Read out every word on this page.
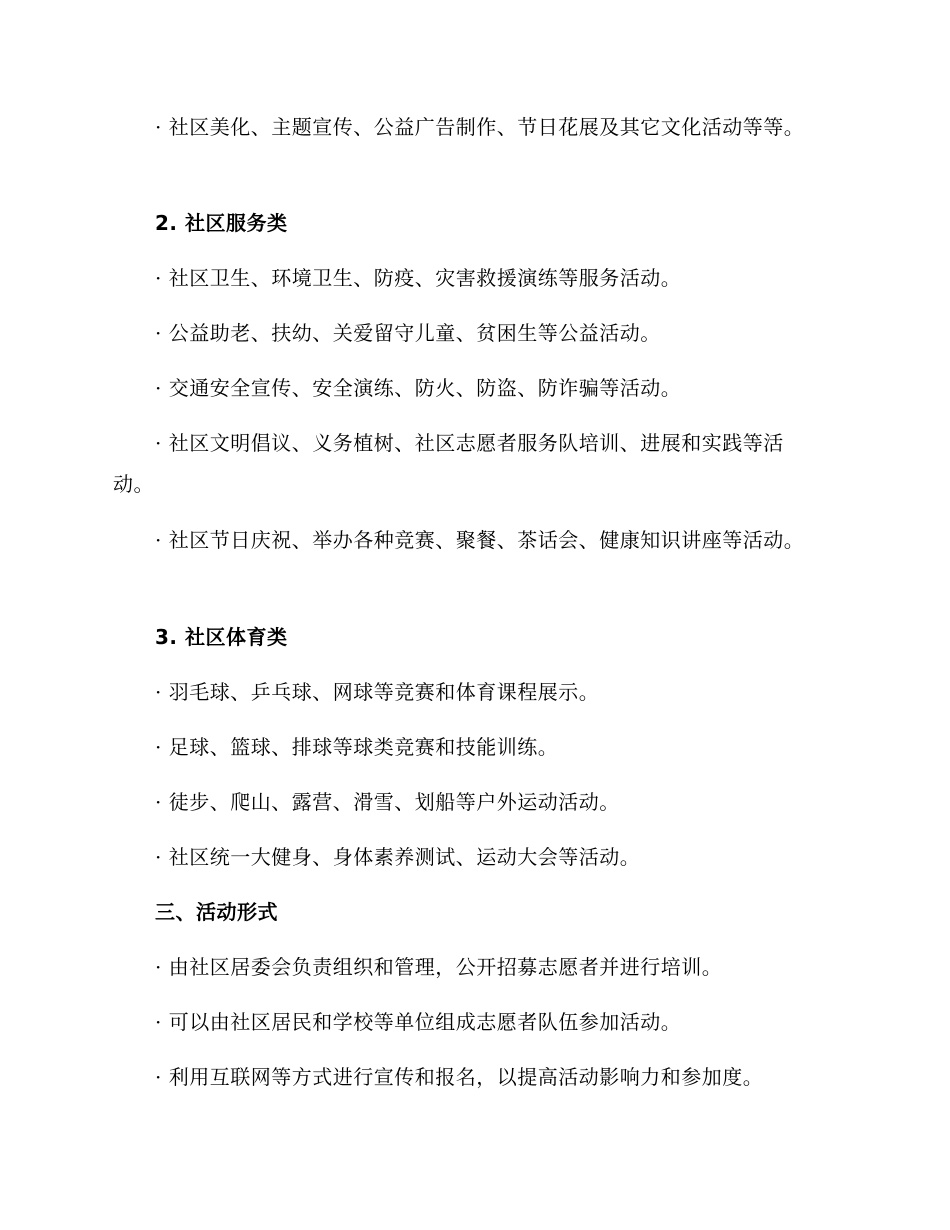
· 社区美化、主题宣传、公益广告制作、节日花展及其它文化活动等等。

2. 社区服务类

· 社区卫生、环境卫生、防疫、灾害救援演练等服务活动。

· 公益助老、扶幼、关爱留守儿童、贫困生等公益活动。

· 交通安全宣传、安全演练、防火、防盗、防诈骗等活动。

· 社区文明倡议、义务植树、社区志愿者服务队培训、进展和实践等活动。

· 社区节日庆祝、举办各种竞赛、聚餐、茶话会、健康知识讲座等活动。

3. 社区体育类

· 羽毛球、乒乓球、网球等竞赛和体育课程展示。

· 足球、篮球、排球等球类竞赛和技能训练。

· 徒步、爬山、露营、滑雪、划船等户外运动活动。

· 社区统一大健身、身体素养测试、运动大会等活动。

三、活动形式

· 由社区居委会负责组织和管理，公开招募志愿者并进行培训。

· 可以由社区居民和学校等单位组成志愿者队伍参加活动。

· 利用互联网等方式进行宣传和报名，以提高活动影响力和参加度。
